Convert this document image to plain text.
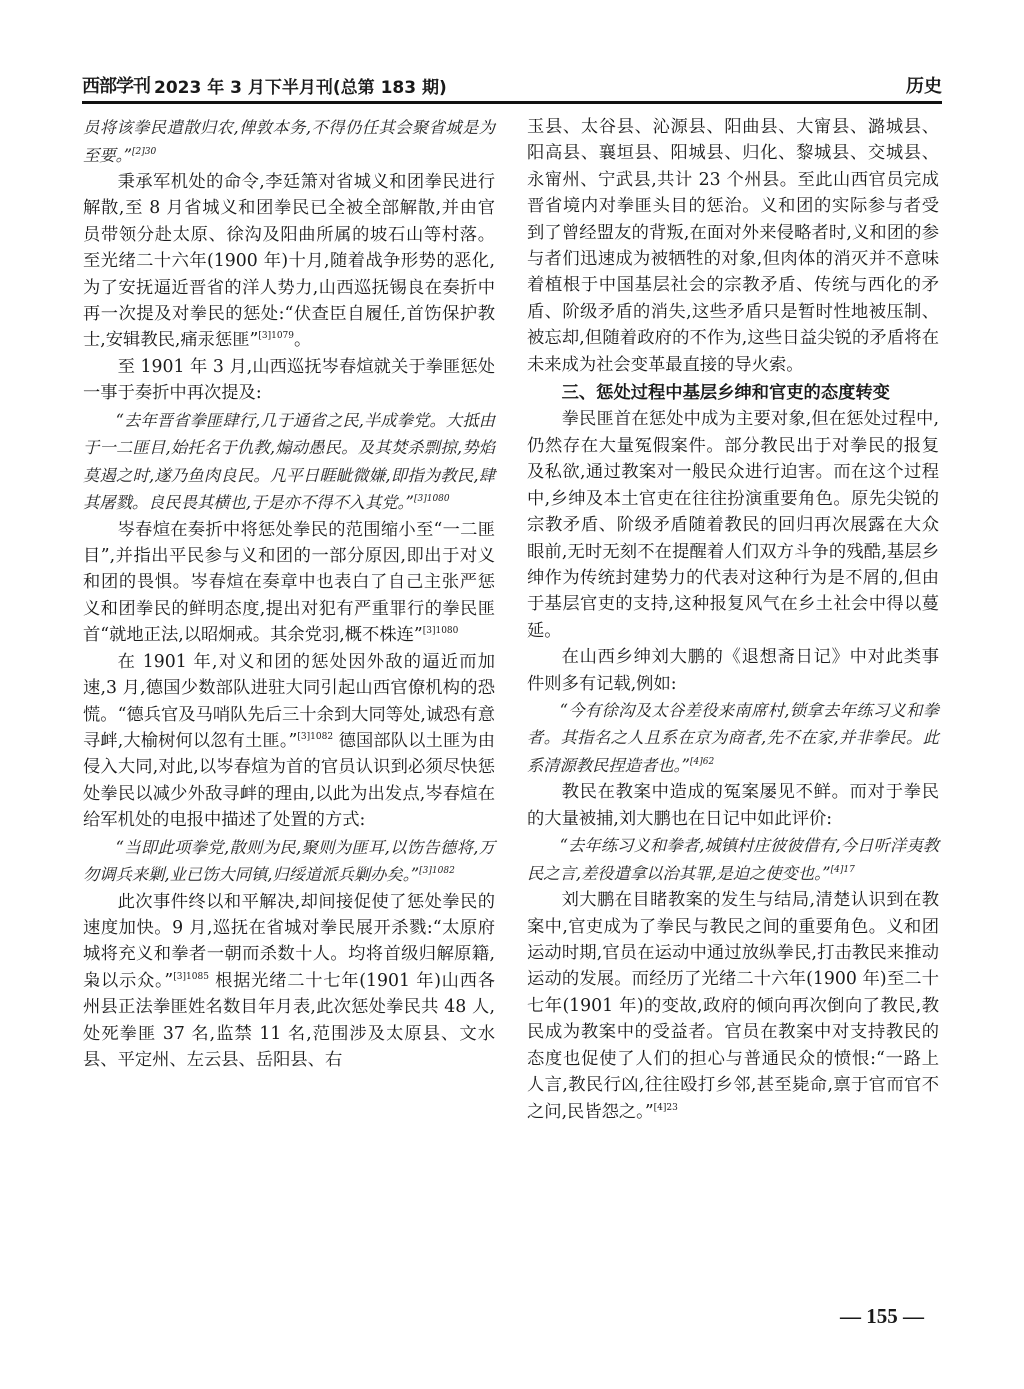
西部学刊 2023 年 3 月下半月刊(总第 183 期)	历史

员将该拳民遣散归农,俾敦本务,不得仍任其会聚省城是为至要。”$^{[2]30}$

秉承军机处的命令,李廷箫对省城义和团拳民进行解散,至 8 月省城义和团拳民已全被全部解散,并由官员带领分赴太原、徐沟及阳曲所属的坡石山等村落。至光绪二十六年(1900 年)十月,随着战争形势的恶化,为了安抚逼近晋省的洋人势力,山西巡抚锡良在奏折中再一次提及对拳民的惩处:“伏查臣自履任,首饬保护教士,安辑教民,痛汞惩匪”$^{[3]1079}$。

至 1901 年 3 月,山西巡抚岑春煊就关于拳匪惩处一事于奏折中再次提及:

“去年晋省拳匪肆行,几于通省之民,半成拳党。大抵由于一二匪目,始托名于仇教,煽动愚民。及其焚杀剽掠,势焰莫遏之时,遂乃鱼肉良民。凡平日睚眦微嫌,即指为教民,肆其屠戮。良民畏其横也,于是亦不得不入其党。”$^{[3]1080}$

岑春煊在奏折中将惩处拳民的范围缩小至“一二匪目”,并指出平民参与义和团的一部分原因,即出于对义和团的畏惧。岑春煊在奏章中也表白了自己主张严惩义和团拳民的鲜明态度,提出对犯有严重罪行的拳民匪首“就地正法,以昭炯戒。其余党羽,概不株连”$^{[3]1080}$

在 1901 年,对义和团的惩处因外敌的逼近而加速,3 月,德国少数部队进驻大同引起山西官僚机构的恐慌。“德兵官及马哨队先后三十余到大同等处,诚恐有意寻衅,大榆树何以忽有土匪。”$^{[3]1082}$ 德国部队以土匪为由侵入大同,对此,以岑春煊为首的官员认识到必须尽快惩处拳民以减少外敌寻衅的理由,以此为出发点,岑春煊在给军机处的电报中描述了处置的方式:

“当即此项拳党,散则为民,聚则为匪耳,以饬告德将,万勿调兵来剿,业已饬大同镇,归绥道派兵剿办矣。”$^{[3]1082}$

此次事件终以和平解决,却间接促使了惩处拳民的速度加快。9 月,巡抚在省城对拳民展开杀戮:“太原府城将充义和拳者一朝而杀数十人。均将首级归解原籍,枭以示众。”$^{[3]1085}$ 根据光绪二十七年(1901 年)山西各州县正法拳匪姓名数目年月表,此次惩处拳民共 48 人,处死拳匪 37 名,监禁 11 名,范围涉及太原县、文水县、平定州、左云县、岳阳县、右

玉县、太谷县、沁源县、阳曲县、大甯县、潞城县、阳高县、襄垣县、阳城县、归化、黎城县、交城县、永甯州、宁武县,共计 23 个州县。至此山西官员完成晋省境内对拳匪头目的惩治。义和团的实际参与者受到了曾经盟友的背叛,在面对外来侵略者时,义和团的参与者们迅速成为被牺牲的对象,但肉体的消灭并不意味着植根于中国基层社会的宗教矛盾、传统与西化的矛盾、阶级矛盾的消失,这些矛盾只是暂时性地被压制、被忘却,但随着政府的不作为,这些日益尖锐的矛盾将在未来成为社会变革最直接的导火索。

三、惩处过程中基层乡绅和官吏的态度转变

拳民匪首在惩处中成为主要对象,但在惩处过程中,仍然存在大量冤假案件。部分教民出于对拳民的报复及私欲,通过教案对一般民众进行迫害。而在这个过程中,乡绅及本土官吏在往往扮演重要角色。原先尖锐的宗教矛盾、阶级矛盾随着教民的回归再次展露在大众眼前,无时无刻不在提醒着人们双方斗争的残酷,基层乡绅作为传统封建势力的代表对这种行为是不屑的,但由于基层官吏的支持,这种报复风气在乡土社会中得以蔓延。

在山西乡绅刘大鹏的《退想斋日记》中对此类事件则多有记载,例如:

“今有徐沟及太谷差役来南席村,锁拿去年练习义和拳者。其指名之人且系在京为商者,先不在家,并非拳民。此系清源教民捏造者也。”$^{[4]62}$

教民在教案中造成的冤案屡见不鲜。而对于拳民的大量被捕,刘大鹏也在日记中如此评价:

“去年练习义和拳者,城镇村庄彼彼借有,今日听洋夷教民之言,差役遣拿以治其罪,是迫之使变也。”$^{[4]17}$

刘大鹏在目睹教案的发生与结局,清楚认识到在教案中,官吏成为了拳民与教民之间的重要角色。义和团运动时期,官员在运动中通过放纵拳民,打击教民来推动运动的发展。而经历了光绪二十六年(1900 年)至二十七年(1901 年)的变故,政府的倾向再次倒向了教民,教民成为教案中的受益者。官员在教案中对支持教民的态度也促使了人们的担心与普通民众的愤恨:“一路上人言,教民行凶,往往殴打乡邻,甚至毙命,禀于官而官不之问,民皆怨之。”$^{[4]23}$

— 155 —
